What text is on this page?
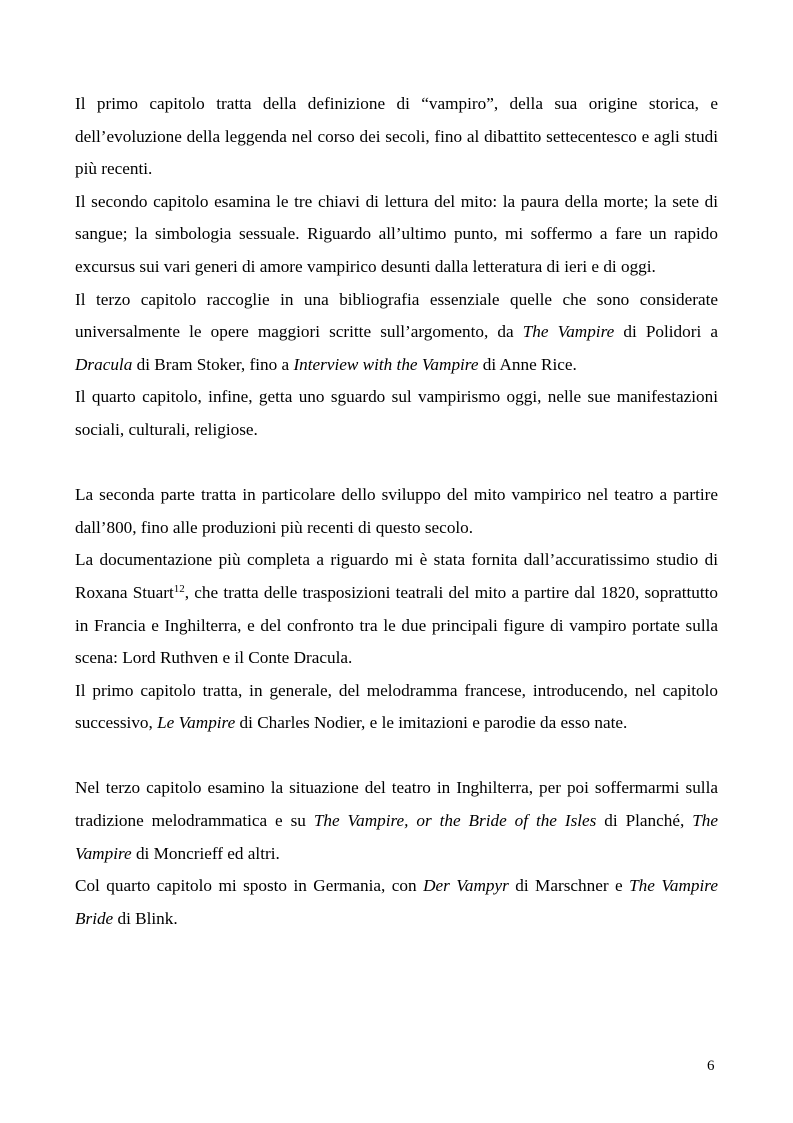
Il primo capitolo tratta della definizione di “vampiro”, della sua origine storica, e dell’evoluzione della leggenda nel corso dei secoli, fino al dibattito settecentesco e agli studi più recenti.

Il secondo capitolo esamina le tre chiavi di lettura del mito: la paura della morte; la sete di sangue; la simbologia sessuale. Riguardo all’ultimo punto, mi soffermo a fare un rapido excursus sui vari generi di amore vampirico desunti dalla letteratura di ieri e di oggi.

Il terzo capitolo raccoglie in una bibliografia essenziale quelle che sono considerate universalmente le opere maggiori scritte sull’argomento, da The Vampire di Polidori a Dracula di Bram Stoker, fino a Interview with the Vampire di Anne Rice.

Il quarto capitolo, infine, getta uno sguardo sul vampirismo oggi, nelle sue manifestazioni sociali, culturali, religiose.

La seconda parte tratta in particolare dello sviluppo del mito vampirico nel teatro a partire dall’800, fino alle produzioni più recenti di questo secolo.

La documentazione più completa a riguardo mi è stata fornita dall’accuratissimo studio di Roxana Stuart$^{12}$, che tratta delle trasposizioni teatrali del mito a partire dal 1820, soprattutto in Francia e Inghilterra, e del confronto tra le due principali figure di vampiro portate sulla scena: Lord Ruthven e il Conte Dracula.

Il primo capitolo tratta, in generale, del melodramma francese, introducendo, nel capitolo successivo, Le Vampire di Charles Nodier, e le imitazioni e parodie da esso nate.

Nel terzo capitolo esamino la situazione del teatro in Inghilterra, per poi soffermarmi sulla tradizione melodrammatica e su The Vampire, or the Bride of the Isles di Planché, The Vampire di Moncrieff ed altri.

Col quarto capitolo mi sposto in Germania, con Der Vampyr di Marschner e The Vampire Bride di Blink.

6
